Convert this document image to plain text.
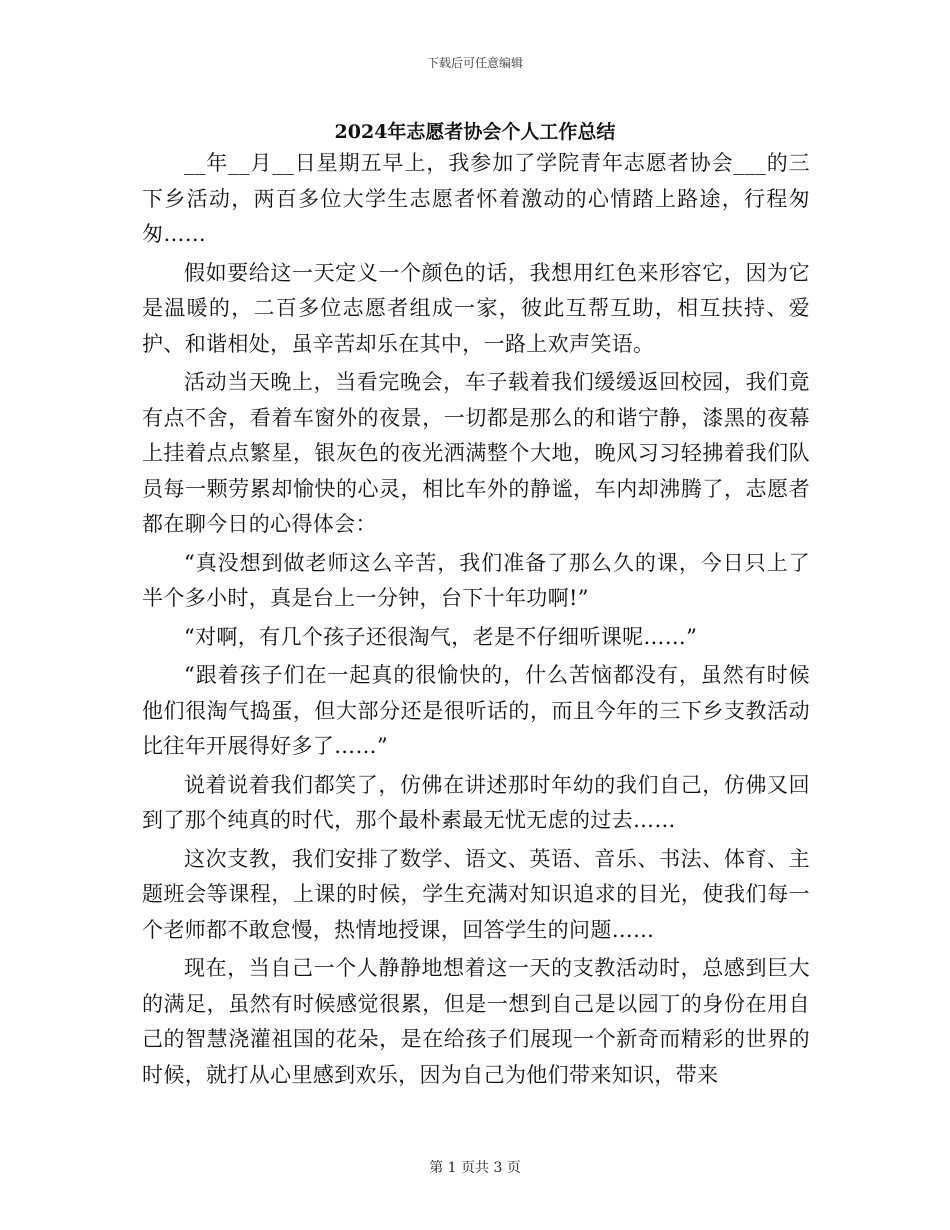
下载后可任意编辑
2024年志愿者协会个人工作总结

__年__月__日星期五早上，我参加了学院青年志愿者协会___的三下乡活动，两百多位大学生志愿者怀着激动的心情踏上路途，行程匆匆……

假如要给这一天定义一个颜色的话，我想用红色来形容它，因为它是温暖的，二百多位志愿者组成一家，彼此互帮互助，相互扶持、爱护、和谐相处，虽辛苦却乐在其中，一路上欢声笑语。

活动当天晚上，当看完晚会，车子载着我们缓缓返回校园，我们竟有点不舍，看着车窗外的夜景，一切都是那么的和谐宁静，漆黑的夜幕上挂着点点繁星，银灰色的夜光洒满整个大地，晚风习习轻拂着我们队员每一颗劳累却愉快的心灵，相比车外的静谧，车内却沸腾了，志愿者都在聊今日的心得体会：

“真没想到做老师这么辛苦，我们准备了那么久的课，今日只上了半个多小时，真是台上一分钟，台下十年功啊!”

“对啊，有几个孩子还很淘气，老是不仔细听课呢……”

“跟着孩子们在一起真的很愉快的，什么苦恼都没有，虽然有时候他们很淘气捣蛋，但大部分还是很听话的，而且今年的三下乡支教活动比往年开展得好多了……”

说着说着我们都笑了，仿佛在讲述那时年幼的我们自己，仿佛又回到了那个纯真的时代，那个最朴素最无忧无虑的过去……

这次支教，我们安排了数学、语文、英语、音乐、书法、体育、主题班会等课程，上课的时候，学生充满对知识追求的目光，使我们每一个老师都不敢怠慢，热情地授课，回答学生的问题……

现在，当自己一个人静静地想着这一天的支教活动时，总感到巨大的满足，虽然有时候感觉很累，但是一想到自己是以园丁的身份在用自己的智慧浇灌祖国的花朵，是在给孩子们展现一个新奇而精彩的世界的时候，就打从心里感到欢乐，因为自己为他们带来知识，带来

第 1 页共 3 页
